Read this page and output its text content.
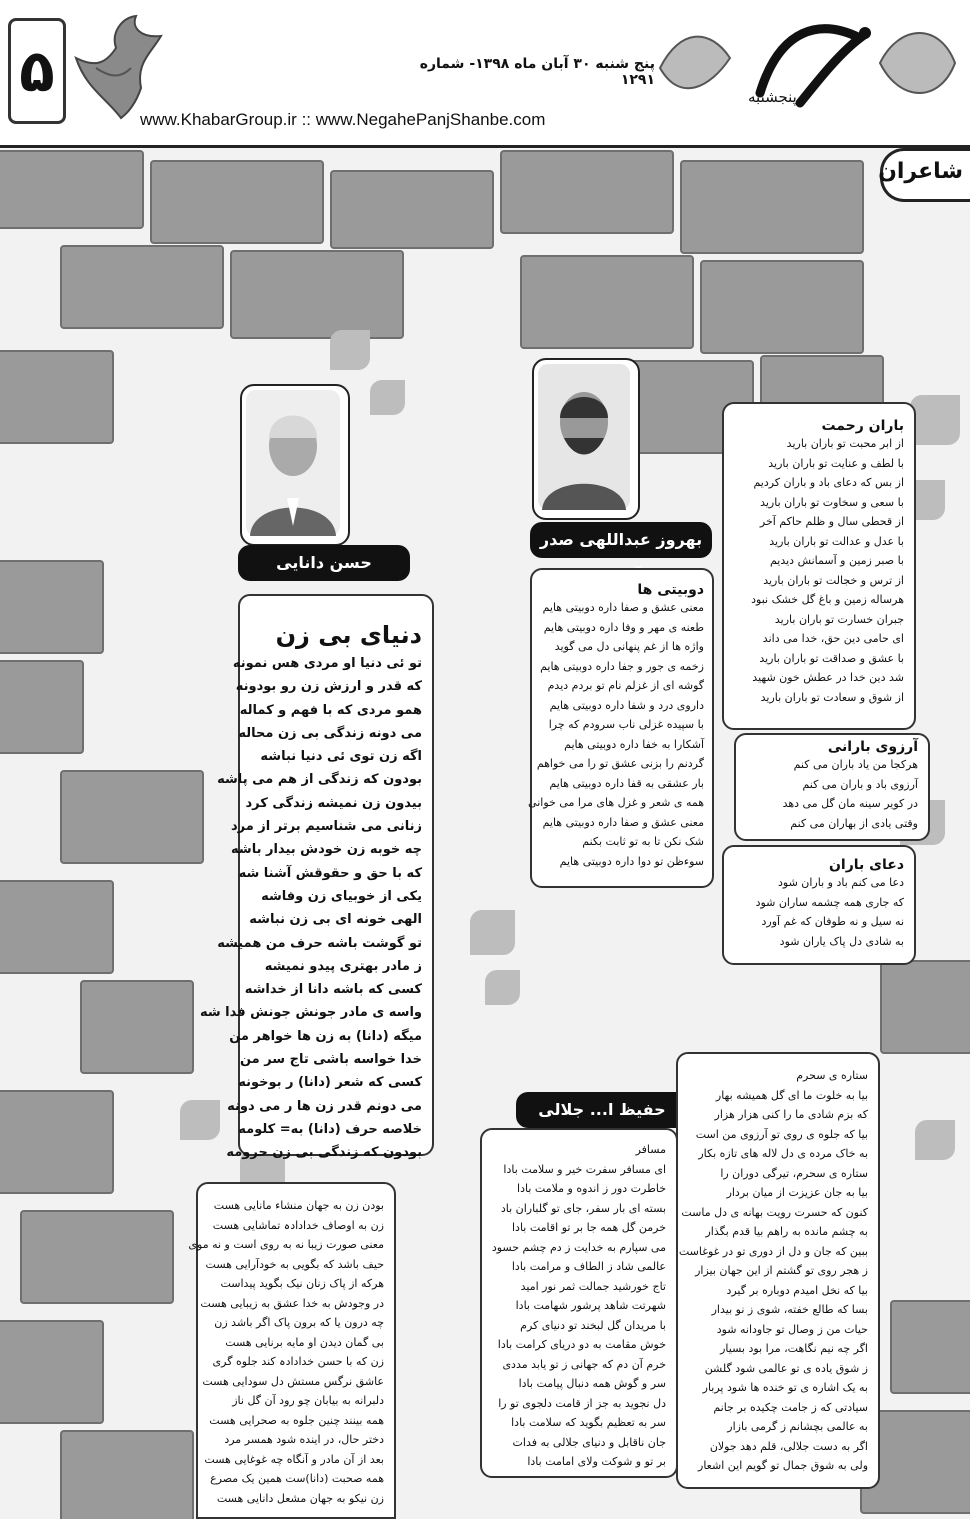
۵	پنجشنبه
پنج شنبه ۳۰ آبان ماه ۱۳۹۸- شماره ۱۲۹۱
www.KhabarGroup.ir :: www.NegahePanjShanbe.com
شاعران
باران رحمت
از ابر محبت تو باران بارید
با لطف و عنایت تو باران بارید
از بس که دعای باد و باران کردیم
با سعی و سخاوت تو باران بارید
از قحطی سال و ظلم حاکم آخر
با عدل و عدالت تو باران بارید
با صبر زمین و آسمانش دیدیم
از ترس و خجالت تو باران بارید
هرساله زمین و باغ گل خشک نبود
جبران خسارت تو باران بارید
ای حامی دین حق، خدا می داند
با عشق و صداقت تو باران بارید
شد دین خدا در عطش خون شهید
از شوق و سعادت تو باران بارید
آرزوی بارانی
هرکجا من یاد باران می کنم
آرزوی باد و باران می کنم
در کویر سینه مان گل می دهد
وقتی یادی از بهاران می کنم
دعای باران
دعا می کنم باد و باران شود
که جاری همه چشمه ساران شود
نه سیل و نه طوفان که غم آورد
به شادی دل پاک یاران شود
بهروز عبداللهی صدر
دوبیتی ها
معنی عشق و صفا داره دوبیتی هایم
طعنه ی مهر و وفا داره دوبیتی هایم
واژه ها از غم پنهانی دل می گوید
زخمه ی جور و جفا داره دوبیتی هایم
گوشه ای از غزلم نام تو بردم دیدم
داروی درد و شفا داره دوبیتی هایم
با سپیده غزلی ناب سرودم که چرا
آشکارا به خفا داره دوبیتی هایم
گردنم را بزنی عشق تو را می خواهم
بار عشقی به قفا داره دوبیتی هایم
همه ی شعر و غزل های مرا می خوانی
معنی عشق و صفا داره دوبیتی هایم
شک نکن تا به تو ثابت بکنم
سوءظن تو دوا داره دوبیتی هایم
حسن دانایی
دنیای بی زن
تو ئی دنیا او مردی هس نمونه
که قدر و ارزش زن رو بودونه
همو مردی که با فهم و کماله
می دونه زندگی بی زن محاله
اگه زن توی ئی دنیا نباشه
بودون که زندگی از هم می پاشه
بیدون زن نمیشه زندگی کرد
زنانی می شناسیم برتر از مرد
چه خوبه زن خودش بیدار باشه
که با حق و حقوقش آشنا شه
یکی از خوبیای زن وفاشه
الهی خونه ای بی زن نباشه
تو گوشت باشه حرف من همیشه
ز مادر بهتری پیدو نمیشه
کسی که باشه دانا از خداشه
واسه ی مادر جونش جونش فدا شه
میگه (دانا) به زن ها خواهر من
خدا خواسه باشی تاج سر من
کسی که شعر (دانا) ر بوخونه
می دونم قدر زن ها ر می دونه
خلاصه حرف (دانا) به= کلومه
بودون که زندگی بی زن حرومه
بودن زن به جهان منشاء مانایی هست
زن به اوصاف خدادادہ تماشایی هست
معنی صورت زیبا نه به روی است و نه موی
حیف باشد که بگویی به خودآرایی هست
هرکه از پاک زنان نیک بگوید پیداست
در وجودش به خدا عشق به زیبایی هست
چه درون یا که برون پاک اگر باشد زن
بی گمان دیدن او مایه برنایی هست
زن که با حسن خدادادہ کند جلوه گری
عاشق نرگس مستش دل سودایی هست
دلبرانه به بیابان چو رود آن گل ناز
همه بینند چنین جلوه به صحرایی هست
دختر حال، در اینده شود همسر مرد
بعد از آن مادر و آنگاه چه غوغایی هست
همه صحبت (دانا)ست همین یک مصرع
زن نیکو به جهان مشعل دانایی هست
حفیظ ا... جلالی
مسافر
ای مسافر سفرت خیر و سلامت بادا
خاطرت دور ز اندوه و ملامت بادا
بسته ای بار سفر، جای تو گلباران باد
خرمن گل همه جا بر تو اقامت بادا
می سپارم به خدایت ز دم چشم حسود
عالمی شاد ز الطاف و مرامت بادا
تاج خورشید جمالت ثمر نور امید
شهرتت شاهد پرشور شهامت بادا
با مریدان گل لبخند تو دنیای کرم
خوش مقامت به دو دریای کرامت بادا
خرم آن دم که جهانی ز تو یابد مددی
سر و گوش همه دنبال پیامت بادا
دل نجوید به جز از قامت دلجوی تو را
سر به تعظیم بگوید که سلامت بادا
جان ناقابل و دنیای جلالی به فدات
بر تو و شوکت ولای امامت بادا
ستاره ی سحرم
بیا به خلوت ما ای گل همیشه بهار
که بزم شادی ما را کنی هزار هزار
بیا که جلوه ی روی تو آرزوی من است
به خاک مرده ی دل لاله های تازه بکار
ستاره ی سحرم، تیرگی دوران را
بیا به جان عزیزت از میان بردار
کنون که حسرت رویت بهانه ی دل ماست
به چشم مانده به راهم بیا قدم بگذار
ببین که جان و دل از دوری تو در غوغاست
ز هجر روی تو گشتم از این جهان بیزار
بیا که نخل امیدم دوباره بر گیرد
بسا که طالع خفته، شوی ز نو بیدار
حیات من ز وصال تو جاودانه شود
اگر چه نیم نگاهت، مرا بود بسیار
ز شوق یاده ی تو عالمی شود گلشن
به یک اشاره ی تو خنده ها شود پربار
سیادتی که ز جامت چکیده بر جانم
به عالمی بچشانم ز گرمی بازار
اگر به دست جلالی، قلم دهد جولان
ولی به شوق جمال تو گویم این اشعار
